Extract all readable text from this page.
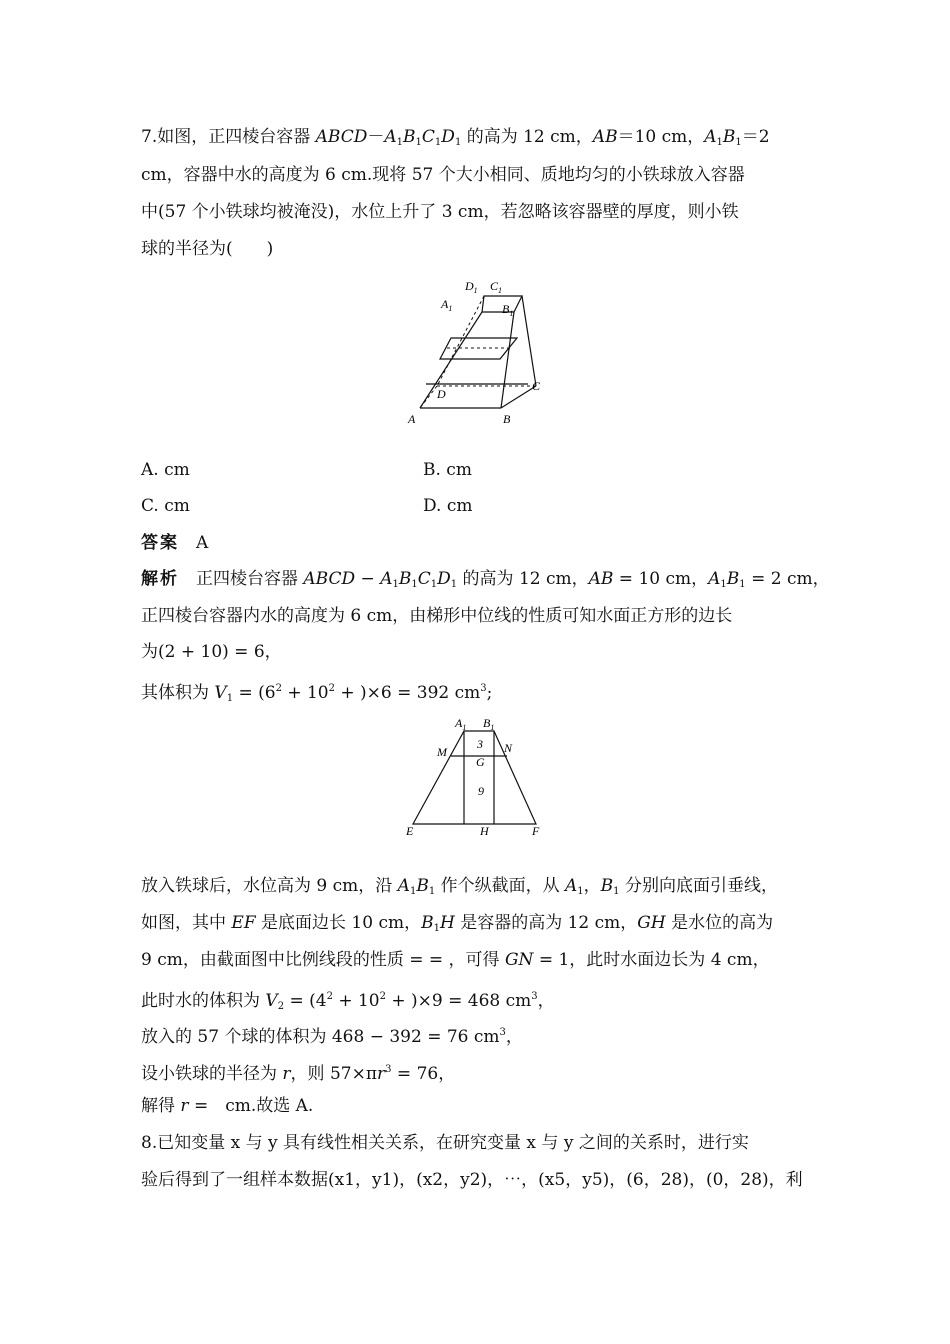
7.如图，正四棱台容器 $ABCD-A_1B_1C_1D_1$ 的高为 12 cm，AB＝10 cm，$A_1B_1=2$
cm，容器中水的高度为 6 cm.现将 57 个大小相同、质地均匀的小铁球放入容器
中(57 个小铁球均被淹没)，水位上升了 3 cm，若忽略该容器壁的厚度，则小铁
球的半径为(　　)
$D_1$ $C_1$
$A_1$	$B_1$
D
C
A	B
A. cm	B. cm
C. cm	D. cm
答案　 A
解析　 正四棱台容器 ABCD − $A_1B_1C_1D_1$ 的高为 12 cm，AB = 10 cm，$A_1B_1 = 2$ cm，
正四棱台容器内水的高度为 6 cm，由梯形中位线的性质可知水面正方形的边长
为(2 + 10) = 6，
其体积为 $V_1 = (6^2 + 10^2 + )\times 6 = 392$ $cm^3$;
$A_1$ $B_1$
M	N
3
G
9
E	H	F
放入铁球后，水位高为 9 cm，沿 $A_1B_1$ 作个纵截面，从 $A_1$，$B_1$ 分别向底面引垂线，
如图，其中 EF 是底面边长 10 cm，$B_1H$ 是容器的高为 12 cm，GH 是水位的高为
9 cm，由截面图中比例线段的性质 = = ，可得 GN = 1，此时水面边长为 4 cm，
此时水的体积为 $V_2 = (4^2 + 10^2 + )\times 9 = 468$ $cm^3$，
放入的 57 个球的体积为 468 − 392 = 76 $cm^3$，
设小铁球的半径为 r，则 $57\times\pi r^3 = 76$，
解得 r =　cm.故选 A.
8.已知变量 x 与 y 具有线性相关关系，在研究变量 x 与 y 之间的关系时，进行实
验后得到了一组样本数据(x1，y1)，(x2，y2)，⋯，(x5，y5)，(6，28)，(0，28)，利
